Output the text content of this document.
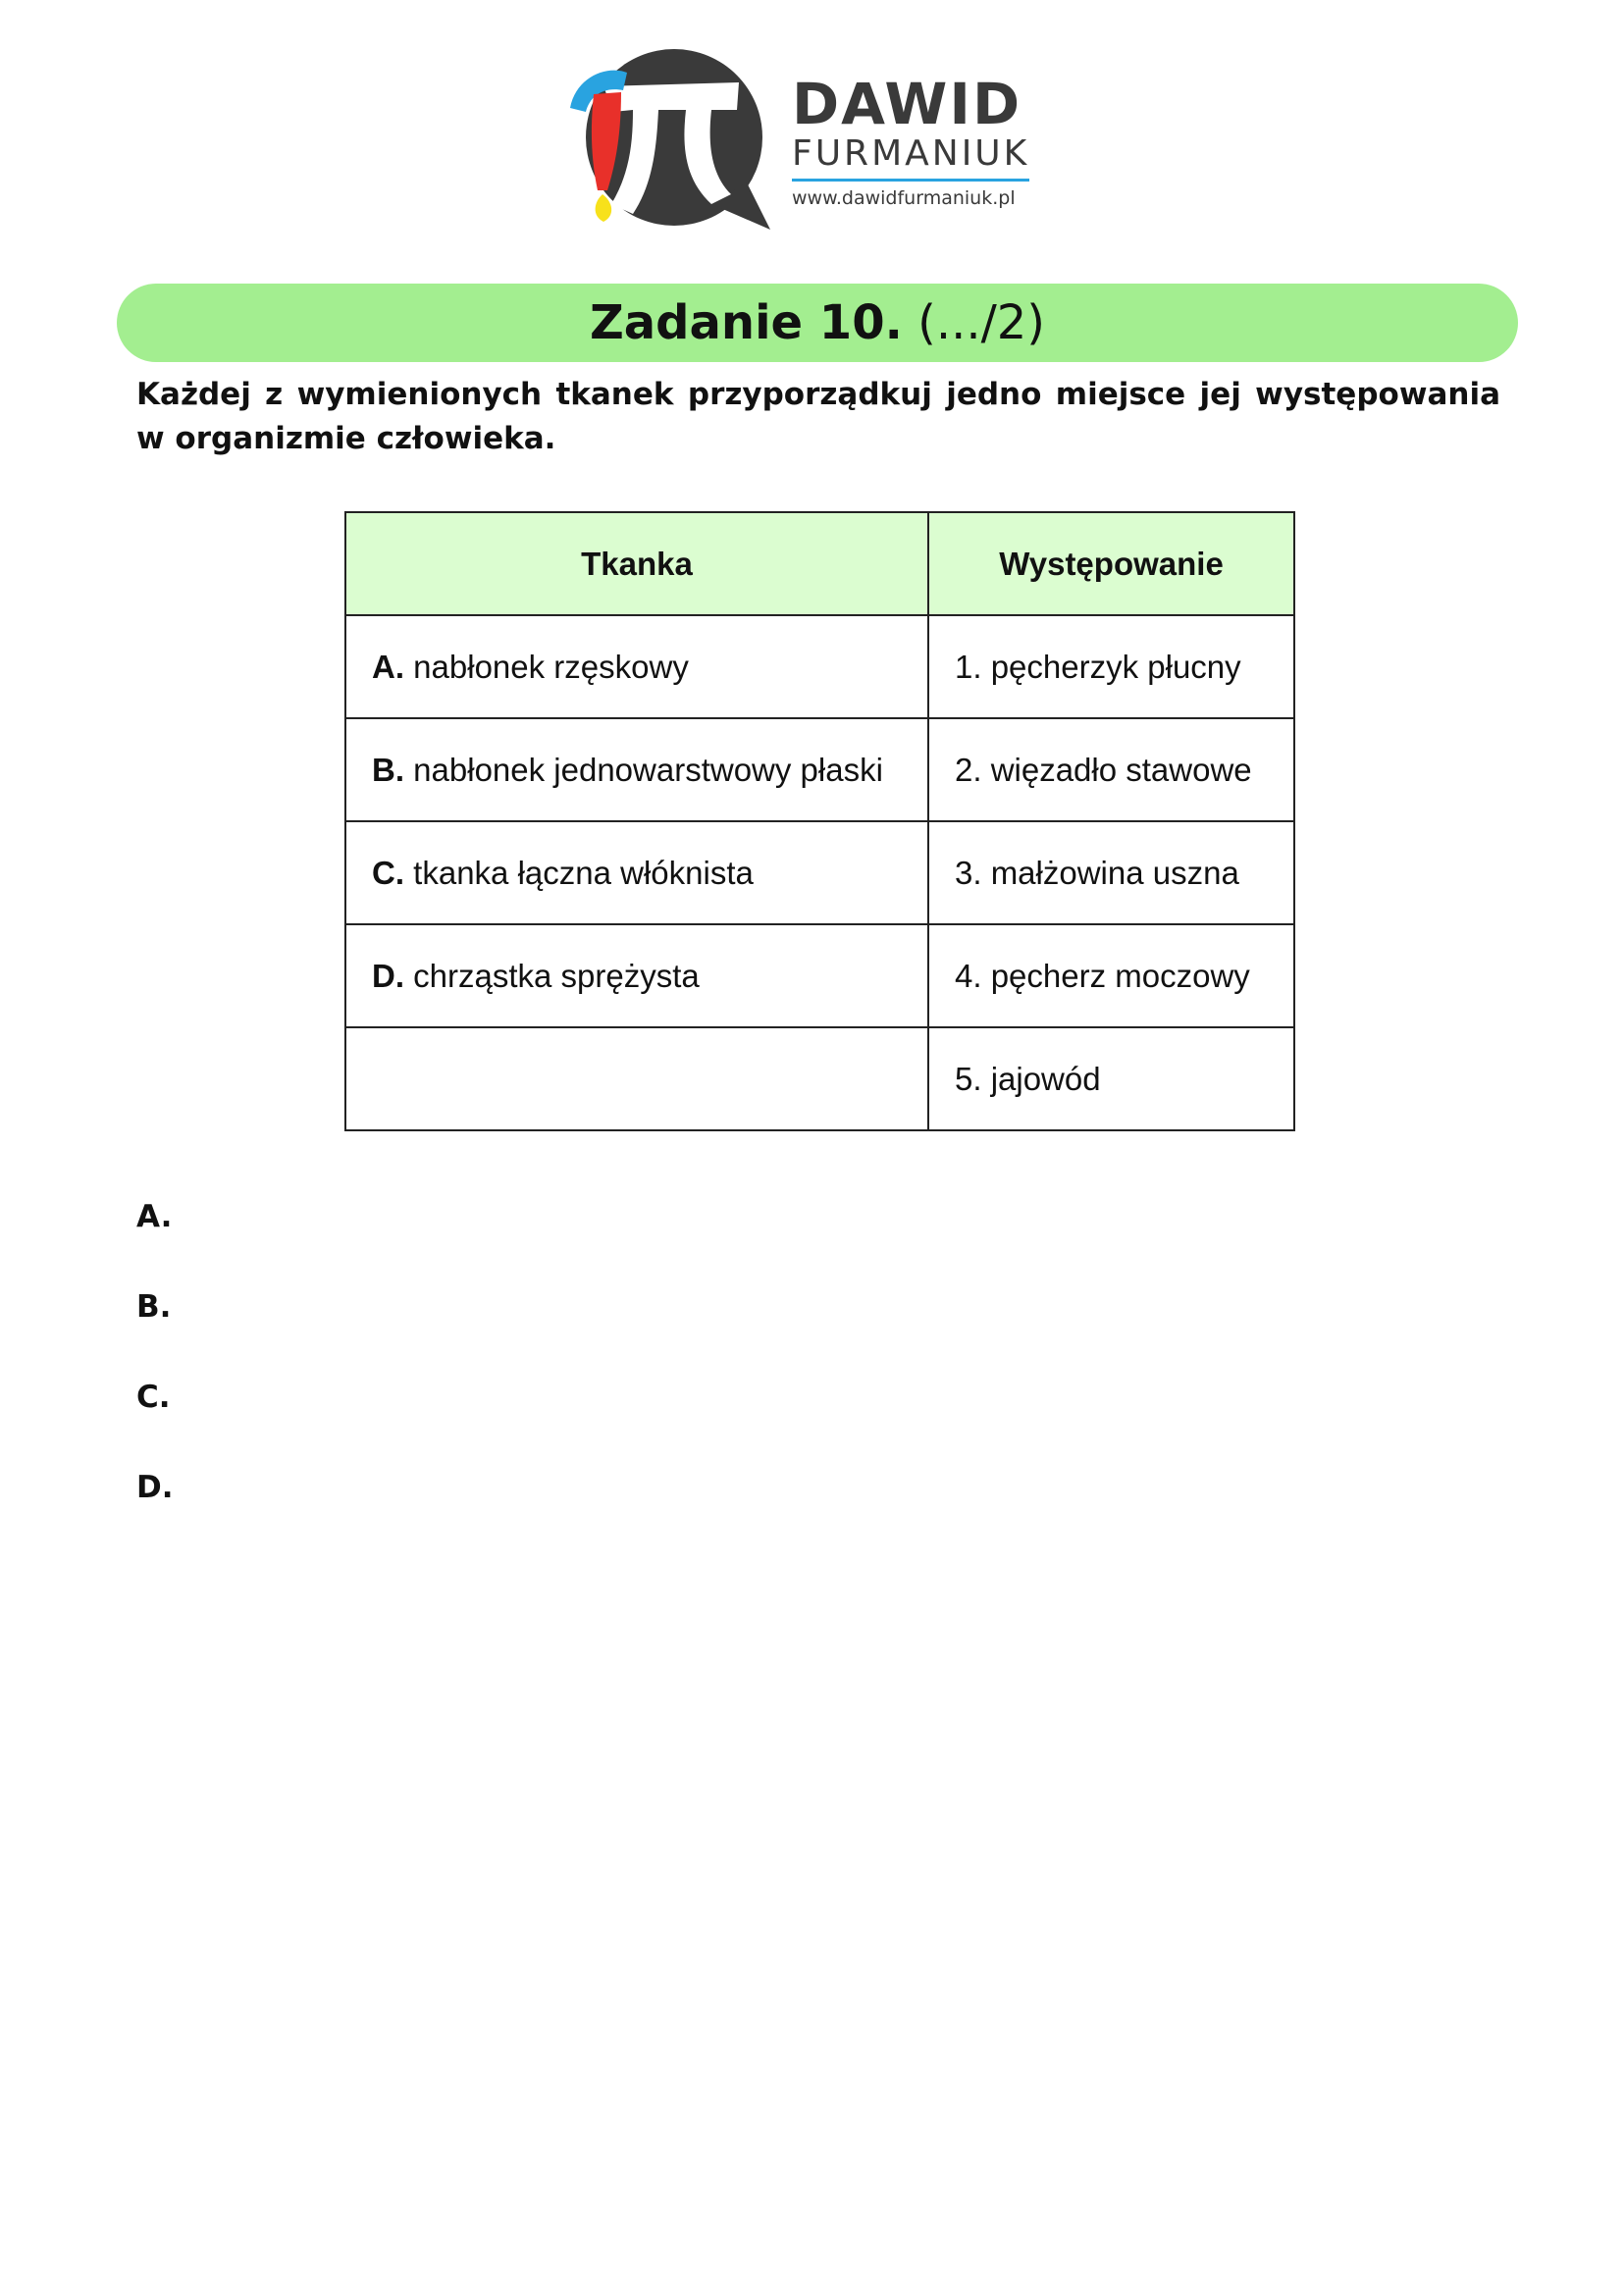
DAWID
FURMANIUK
www.dawidfurmaniuk.pl
Zadanie 10. (.../2)

Każdej z wymienionych tkanek przyporządkuj jedno miejsce jej występowania w organizmie człowieka.

Tkanka	Występowanie
A. nabłonek rzęskowy	1. pęcherzyk płucny
B. nabłonek jednowarstwowy płaski	2. więzadło stawowe
C. tkanka łączna włóknista	3. małżowina uszna
D. chrząstka sprężysta	4. pęcherz moczowy
	5. jajowód
A.
B.
C.
D.
